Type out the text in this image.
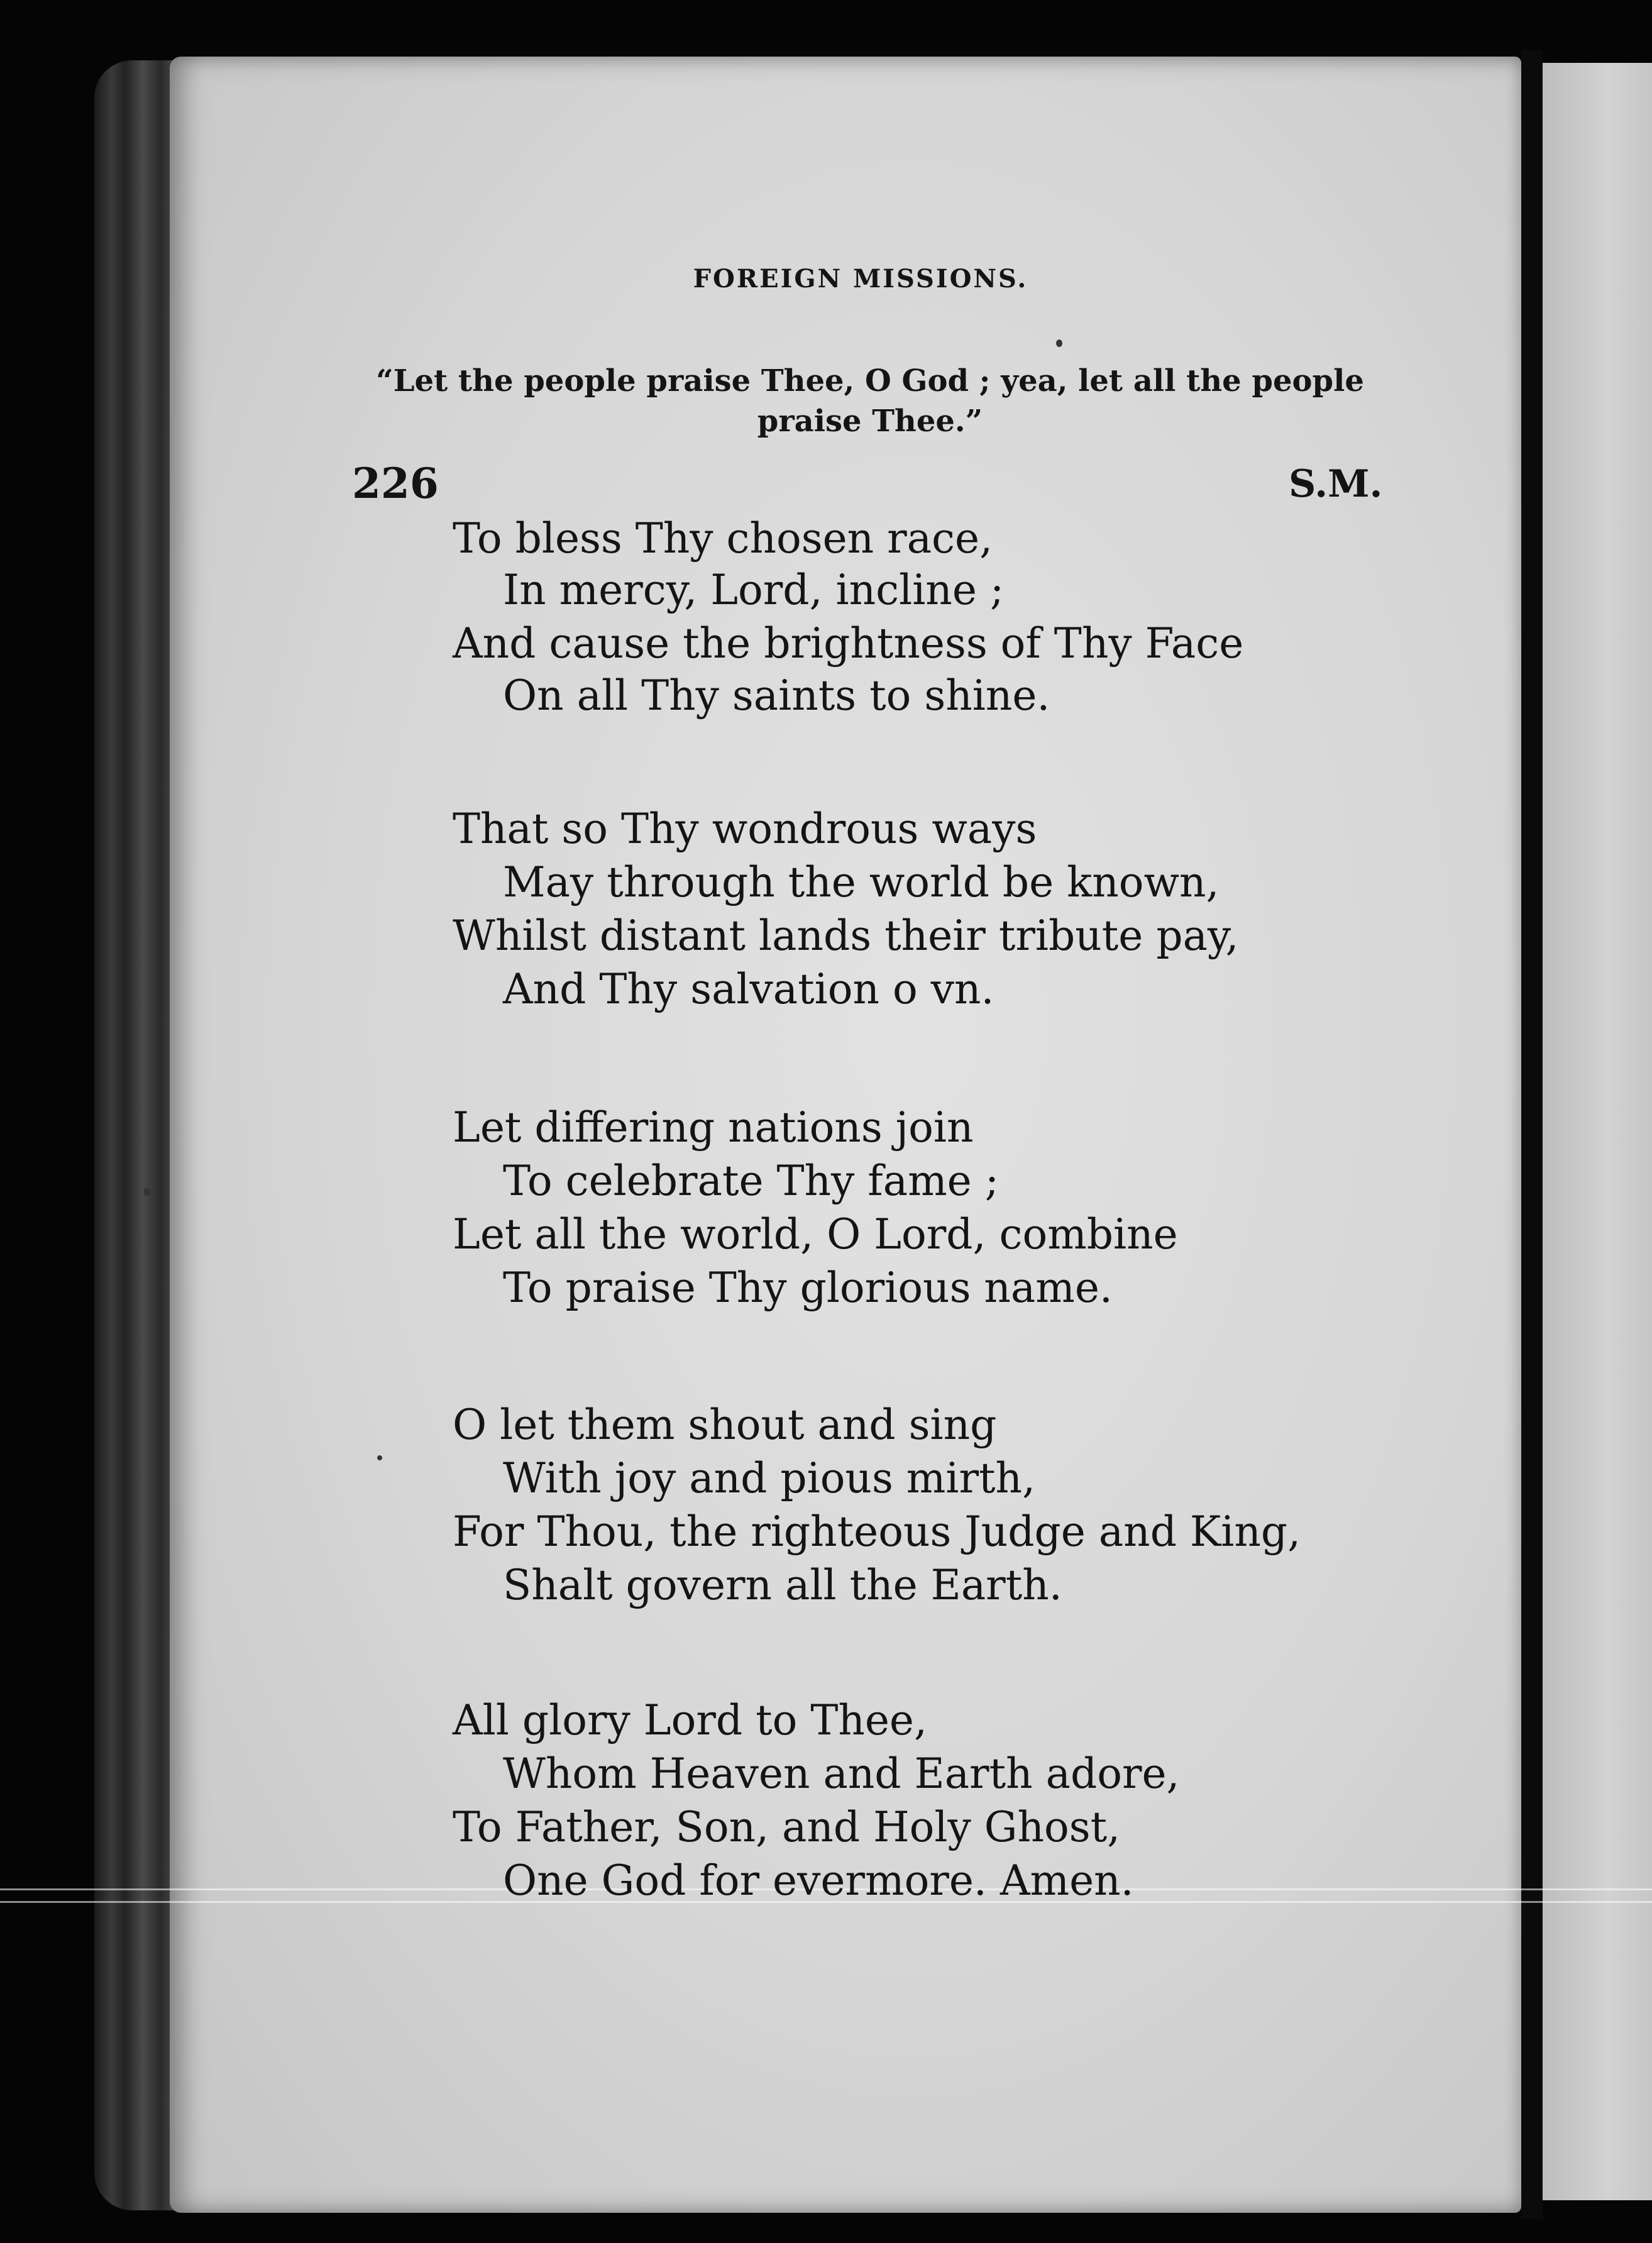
FOREIGN MISSIONS.
“Let the people praise Thee, O God ; yea, let all the people
praise Thee.”
226	S.M.
To bless Thy chosen race,
In mercy, Lord, incline ;
And cause the brightness of Thy Face
On all Thy saints to shine.
That so Thy wondrous ways
May through the world be known,
Whilst distant lands their tribute pay,
And Thy salvation o vn.
Let differing nations join
To celebrate Thy fame ;
Let all the world, O Lord, combine
To praise Thy glorious name.
O let them shout and sing
With joy and pious mirth,
For Thou, the righteous Judge and King,
Shalt govern all the Earth.
All glory Lord to Thee,
Whom Heaven and Earth adore,
To Father, Son, and Holy Ghost,
One God for evermore. Amen.
